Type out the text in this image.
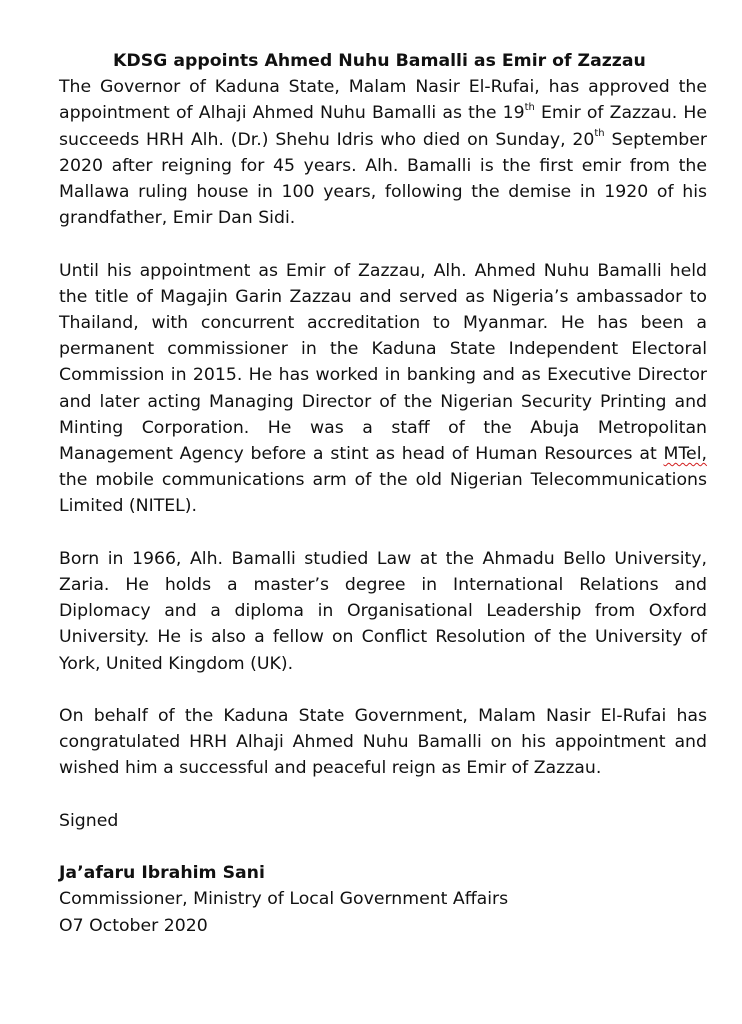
KDSG appoints Ahmed Nuhu Bamalli as Emir of Zazzau

The Governor of Kaduna State, Malam Nasir El-Rufai, has approved the appointment of Alhaji Ahmed Nuhu Bamalli as the 19th Emir of Zazzau. He succeeds HRH Alh. (Dr.) Shehu Idris who died on Sunday, 20th September 2020 after reigning for 45 years. Alh. Bamalli is the first emir from the Mallawa ruling house in 100 years, following the demise in 1920 of his grandfather, Emir Dan Sidi.

Until his appointment as Emir of Zazzau, Alh. Ahmed Nuhu Bamalli held the title of Magajin Garin Zazzau and served as Nigeria’s ambassador to Thailand, with concurrent accreditation to Myanmar. He has been a permanent commissioner in the Kaduna State Independent Electoral Commission in 2015. He has worked in banking and as Executive Director and later acting Managing Director of the Nigerian Security Printing and Minting Corporation. He was a staff of the Abuja Metropolitan Management Agency before a stint as head of Human Resources at MTel, the mobile communications arm of the old Nigerian Telecommunications Limited (NITEL).

Born in 1966, Alh. Bamalli studied Law at the Ahmadu Bello University, Zaria. He holds a master’s degree in International Relations and Diplomacy and a diploma in Organisational Leadership from Oxford University. He is also a fellow on Conflict Resolution of the University of York, United Kingdom (UK).

On behalf of the Kaduna State Government, Malam Nasir El-Rufai has congratulated HRH Alhaji Ahmed Nuhu Bamalli on his appointment and wished him a successful and peaceful reign as Emir of Zazzau.

Signed

Ja’afaru Ibrahim Sani

Commissioner, Ministry of Local Government Affairs

O7 October 2020
